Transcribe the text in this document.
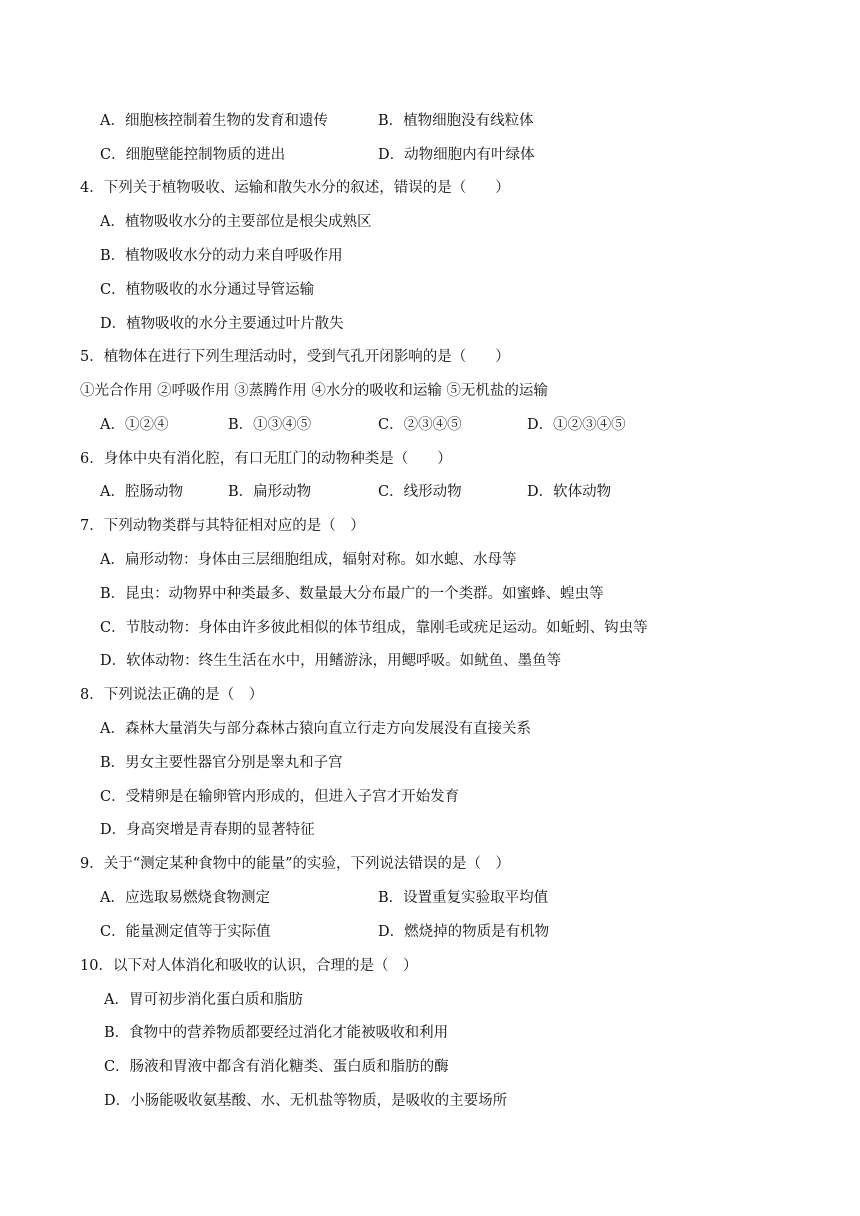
A．细胞核控制着生物的发育和遗传	B．植物细胞没有线粒体
C．细胞壁能控制物质的进出	D．动物细胞内有叶绿体
4．下列关于植物吸收、运输和散失水分的叙述，错误的是（　　）
A．植物吸收水分的主要部位是根尖成熟区
B．植物吸收水分的动力来自呼吸作用
C．植物吸收的水分通过导管运输
D．植物吸收的水分主要通过叶片散失
5．植物体在进行下列生理活动时，受到气孔开闭影响的是（　　）
①光合作用 ②呼吸作用 ③蒸腾作用 ④水分的吸收和运输 ⑤无机盐的运输
A．①②④	B．①③④⑤	C．②③④⑤	D．①②③④⑤
6．身体中央有消化腔，有口无肛门的动物种类是（　　）
A．腔肠动物	B．扁形动物	C．线形动物	D．软体动物
7．下列动物类群与其特征相对应的是（　）
A．扁形动物：身体由三层细胞组成，辐射对称。如水螅、水母等
B．昆虫：动物界中种类最多、数量最大分布最广的一个类群。如蜜蜂、蝗虫等
C．节肢动物：身体由许多彼此相似的体节组成，靠刚毛或疣足运动。如蚯蚓、钩虫等
D．软体动物：终生生活在水中，用鳍游泳，用鳃呼吸。如鱿鱼、墨鱼等
8．下列说法正确的是（　）
A．森林大量消失与部分森林古猿向直立行走方向发展没有直接关系
B．男女主要性器官分别是睾丸和子宫
C．受精卵是在输卵管内形成的，但进入子宫才开始发育
D．身高突增是青春期的显著特征
9．关于“测定某种食物中的能量”的实验，下列说法错误的是（　）
A．应选取易燃烧食物测定	B．设置重复实验取平均值
C．能量测定值等于实际值	D．燃烧掉的物质是有机物
10．以下对人体消化和吸收的认识，合理的是（　）
A．胃可初步消化蛋白质和脂肪
B．食物中的营养物质都要经过消化才能被吸收和利用
C．肠液和胃液中都含有消化糖类、蛋白质和脂肪的酶
D．小肠能吸收氨基酸、水、无机盐等物质，是吸收的主要场所
